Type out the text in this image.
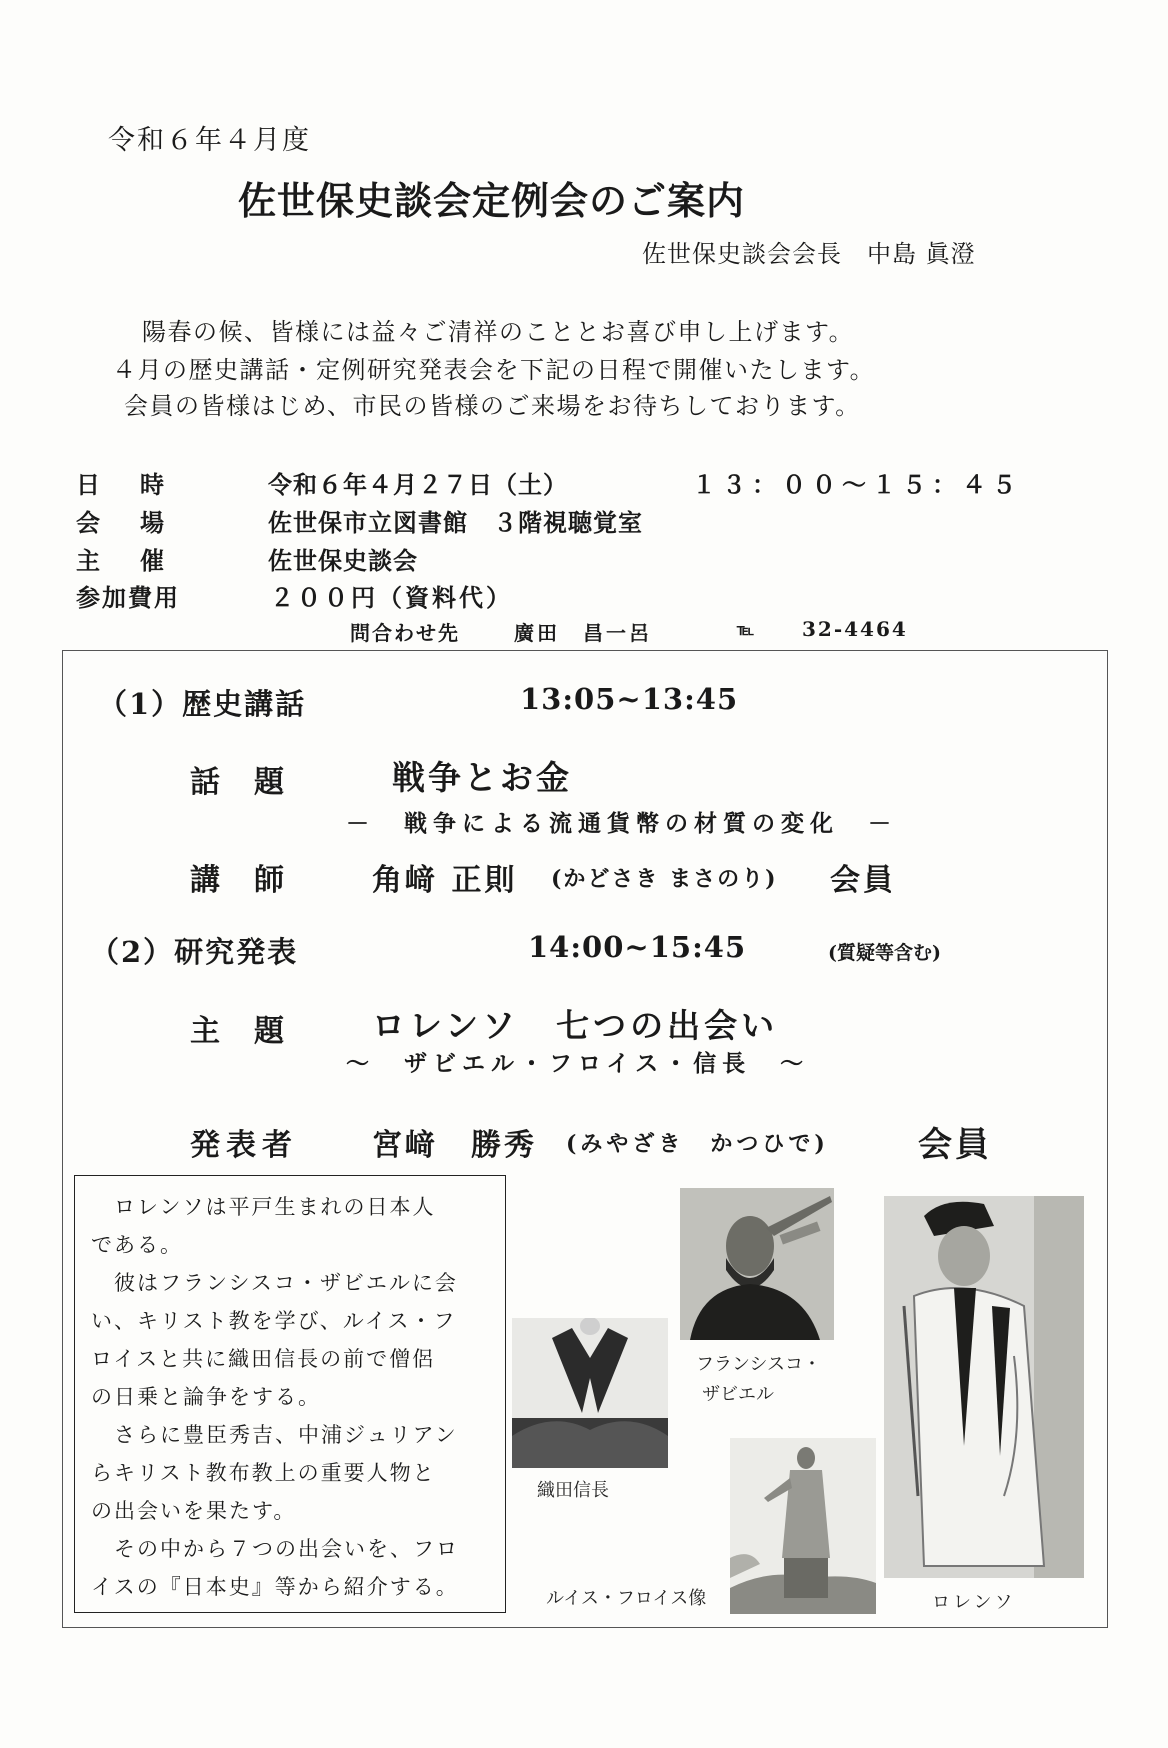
令和６年４月度
佐世保史談会定例会のご案内
佐世保史談会会長　中島 眞澄
陽春の候、皆様には益々ご清祥のこととお喜び申し上げます。
４月の歴史講話・定例研究発表会を下記の日程で開催いたします。
会員の皆様はじめ、市民の皆様のご来場をお待ちしております。
日時	令和６年４月２７日（土）	１３：００～１５：４５
会場	佐世保市立図書館　３階視聴覚室
主催	佐世保史談会
参加費用	２００円（資料代）
問合わせ先	廣田　昌一呂	℡ 32-4464
（1）歴史講話	13:05~13:45
話題 戦争とお金
－　戦争による流通貨幣の材質の変化　－
講師 角﨑 正則 (かどさき まさのり) 会員
（2）研究発表	14:00~15:45	(質疑等含む)
主題 ロレンソ　七つの出会い
～　ザビエル・フロイス・信長　～
発表者 宮﨑　勝秀 (みやざき　かつひで)	会員
　ロレンソは平戸生まれの日本人
である。
　彼はフランシスコ・ザビエルに会
い、キリスト教を学び、ルイス・フ
ロイスと共に織田信長の前で僧侶
の日乗と論争をする。
　さらに豊臣秀吉、中浦ジュリアン
らキリスト教布教上の重要人物と
の出会いを果たす。
　その中から７つの出会いを、フロ
イスの『日本史』等から紹介する。
織田信長
フランシスコ・
ザビエル
ルイス・フロイス像	ロレンソ
